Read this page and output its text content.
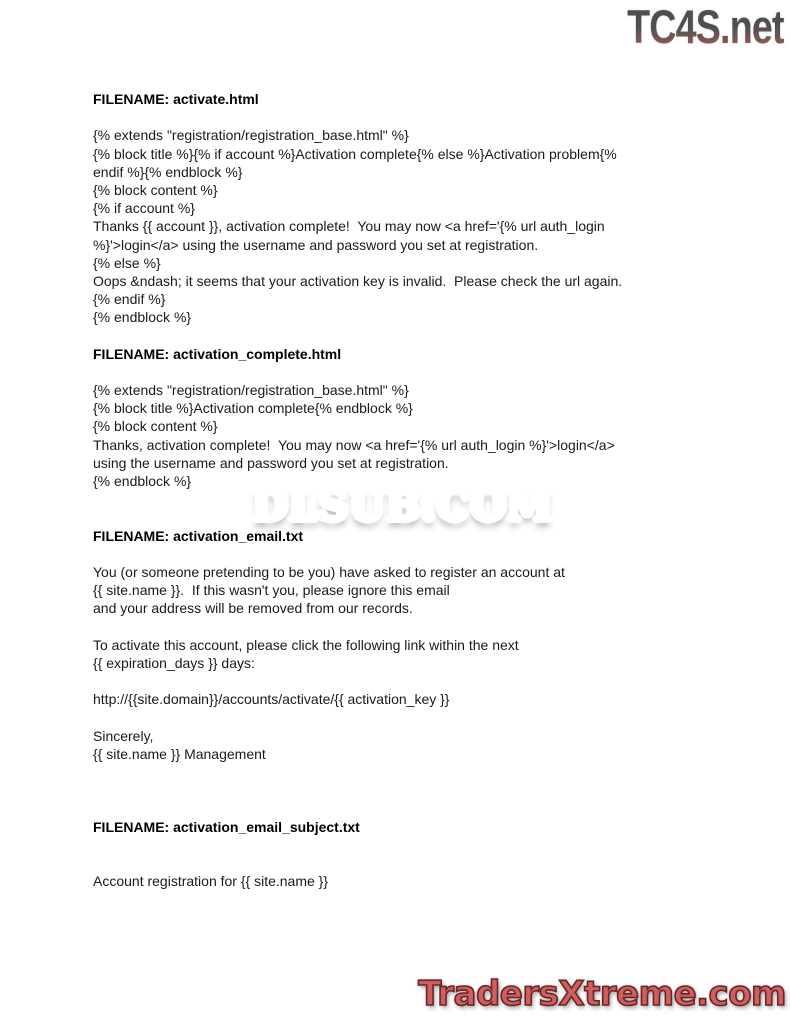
TC4S.net
DLSUB.COM
TradersXtreme.com
FILENAME: activate.html
{% extends "registration/registration_base.html" %}
{% block title %}{% if account %}Activation complete{% else %}Activation problem{%
endif %}{% endblock %}
{% block content %}
{% if account %}
Thanks {{ account }}, activation complete!  You may now <a href='{% url auth_login
%}'>login</a> using the username and password you set at registration.
{% else %}
Oops &ndash; it seems that your activation key is invalid.  Please check the url again.
{% endif %}
{% endblock %}
FILENAME: activation_complete.html
{% extends "registration/registration_base.html" %}
{% block title %}Activation complete{% endblock %}
{% block content %}
Thanks, activation complete!  You may now <a href='{% url auth_login %}'>login</a>
using the username and password you set at registration.
{% endblock %}
FILENAME: activation_email.txt
You (or someone pretending to be you) have asked to register an account at
{{ site.name }}.  If this wasn't you, please ignore this email
and your address will be removed from our records.
To activate this account, please click the following link within the next
{{ expiration_days }} days:
http://{{site.domain}}/accounts/activate/{{ activation_key }}
Sincerely,
{{ site.name }} Management
FILENAME: activation_email_subject.txt
Account registration for {{ site.name }}
